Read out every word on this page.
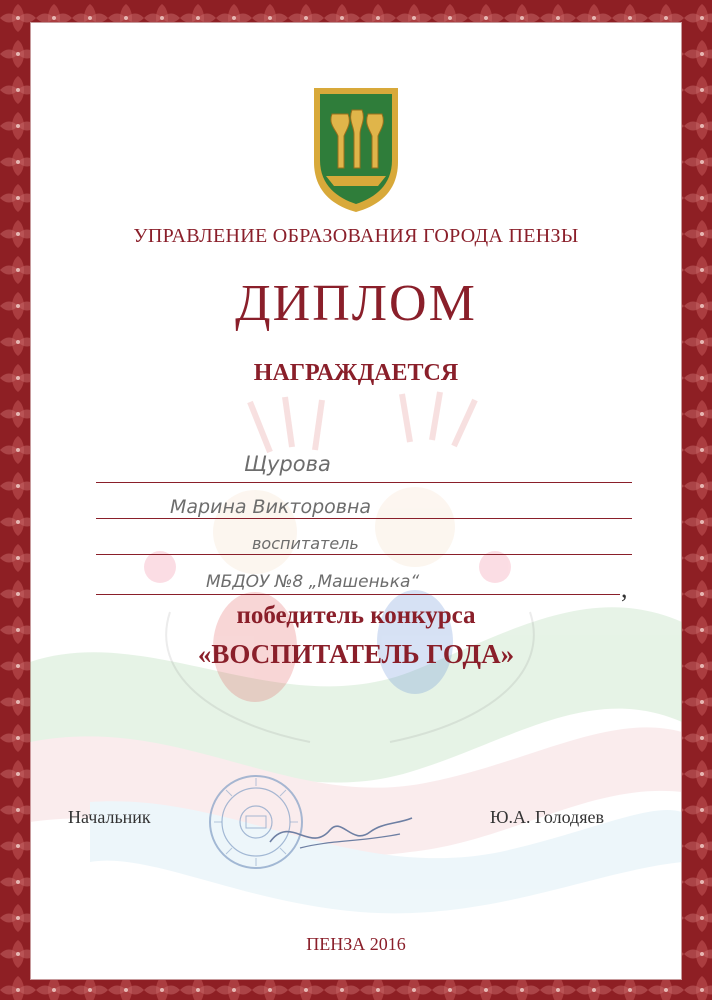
УПРАВЛЕНИЕ ОБРАЗОВАНИЯ ГОРОДА ПЕНЗЫ
ДИПЛОМ
НАГРАЖДАЕТСЯ
Щурова
Марина Викторовна
воспитатель
МБДОУ №8 „Машенька“	,
победитель конкурса
«ВОСПИТАТЕЛЬ ГОДА»
Начальник	Ю.А. Голодяев
ПЕНЗА 2016
